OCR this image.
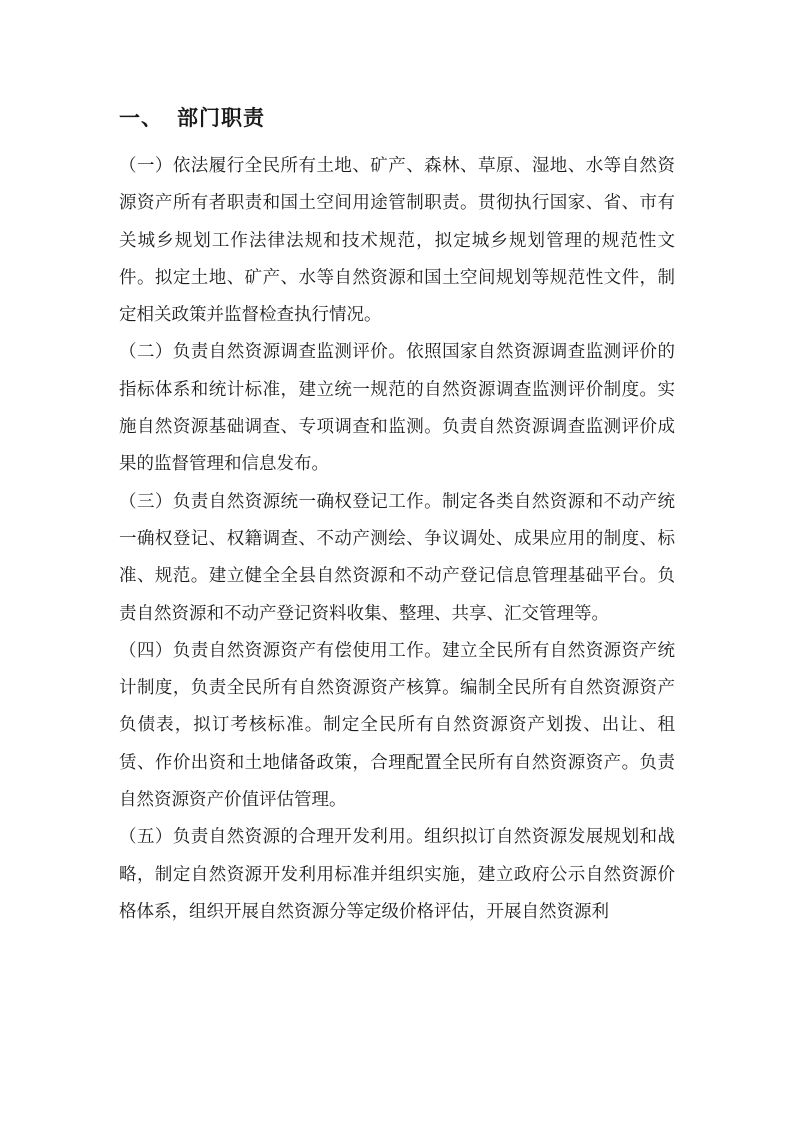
一、 部门职责

（一）依法履行全民所有土地、矿产、森林、草原、湿地、水等自然资源资产所有者职责和国土空间用途管制职责。贯彻执行国家、省、市有关城乡规划工作法律法规和技术规范，拟定城乡规划管理的规范性文件。拟定土地、矿产、水等自然资源和国土空间规划等规范性文件，制定相关政策并监督检查执行情况。

（二）负责自然资源调查监测评价。依照国家自然资源调查监测评价的指标体系和统计标准，建立统一规范的自然资源调查监测评价制度。实施自然资源基础调查、专项调查和监测。负责自然资源调查监测评价成果的监督管理和信息发布。

（三）负责自然资源统一确权登记工作。制定各类自然资源和不动产统一确权登记、权籍调查、不动产测绘、争议调处、成果应用的制度、标准、规范。建立健全全县自然资源和不动产登记信息管理基础平台。负责自然资源和不动产登记资料收集、整理、共享、汇交管理等。

（四）负责自然资源资产有偿使用工作。建立全民所有自然资源资产统计制度，负责全民所有自然资源资产核算。编制全民所有自然资源资产负债表，拟订考核标准。制定全民所有自然资源资产划拨、出让、租赁、作价出资和土地储备政策，合理配置全民所有自然资源资产。负责自然资源资产价值评估管理。

（五）负责自然资源的合理开发利用。组织拟订自然资源发展规划和战略，制定自然资源开发利用标准并组织实施，建立政府公示自然资源价格体系，组织开展自然资源分等定级价格评估，开展自然资源利
